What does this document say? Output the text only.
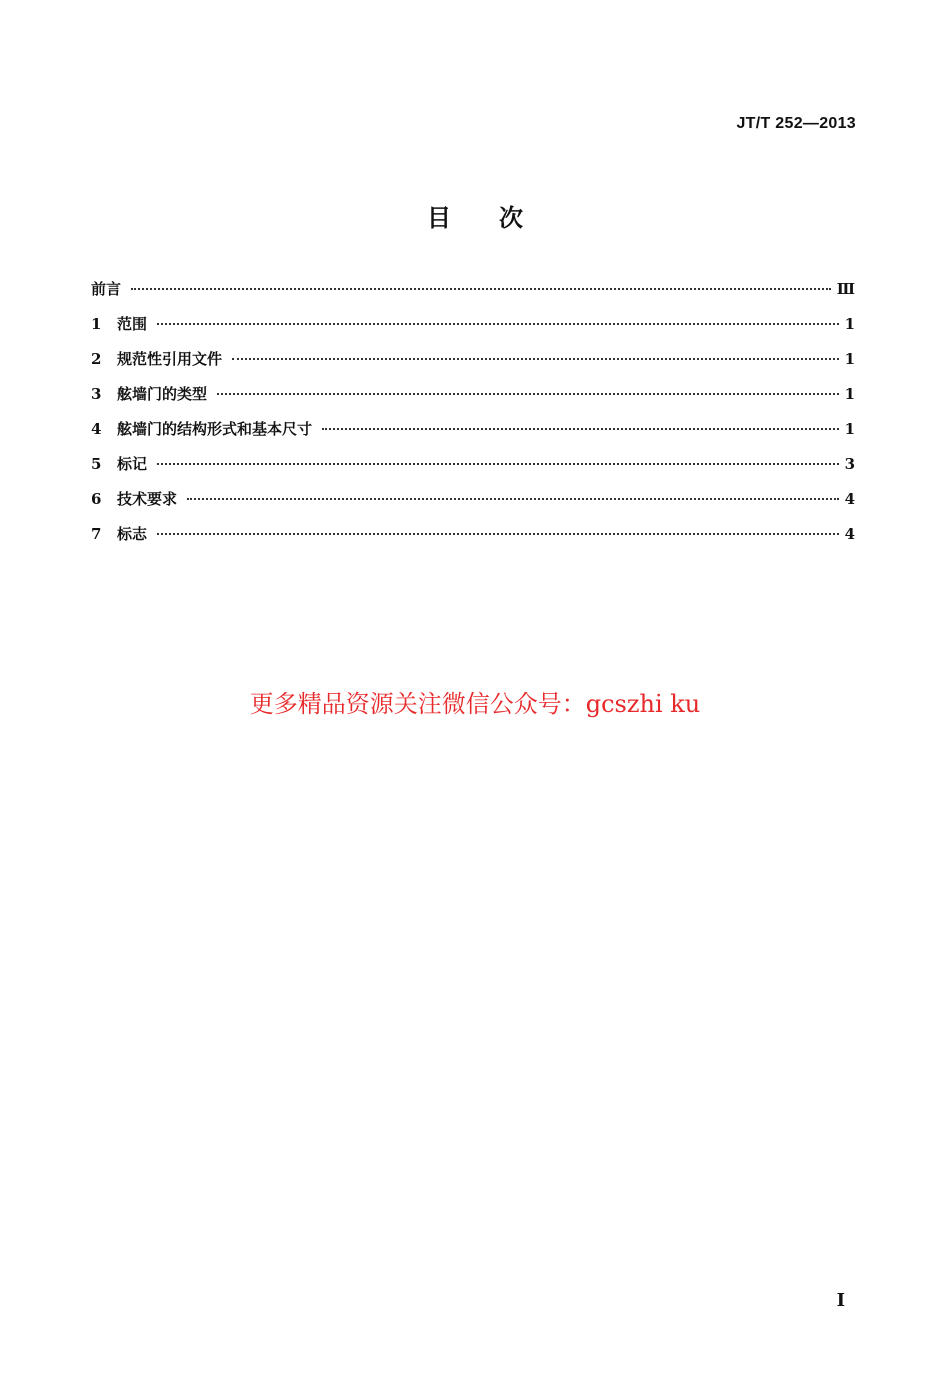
JT/T 252—2013
目次
前言	Ⅲ
1	范围	1
2	规范性引用文件	1
3	舷墙门的类型	1
4	舷墙门的结构形式和基本尺寸	1
5	标记	3
6	技术要求	4
7	标志	4
更多精品资源关注微信公众号：gcszhi ku
I
